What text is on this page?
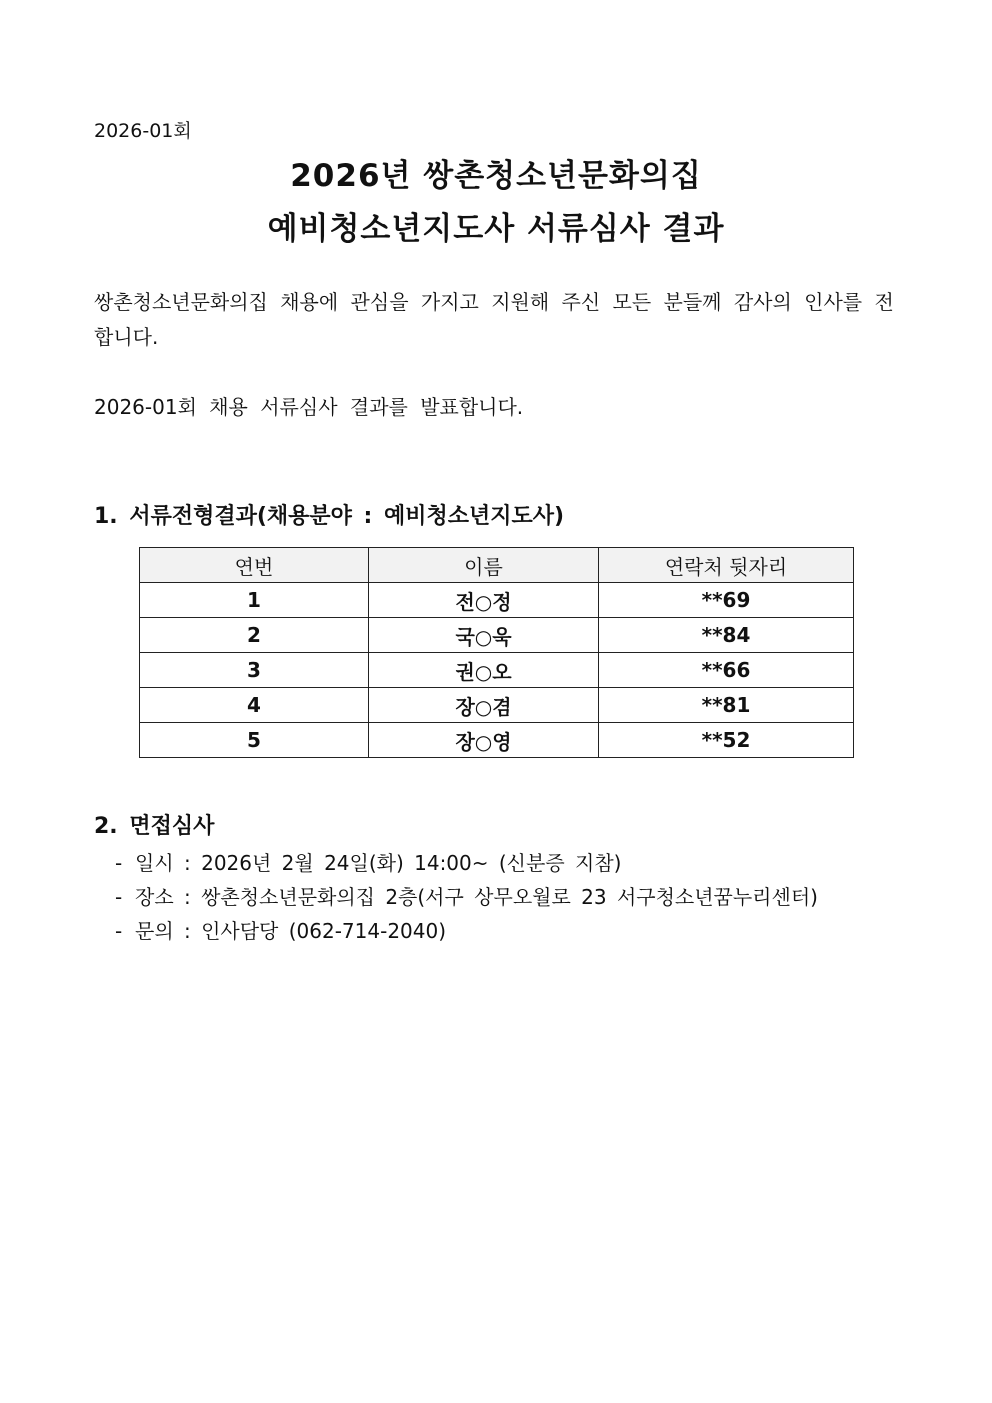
2026-01회
2026년 쌍촌청소년문화의집
예비청소년지도사 서류심사 결과
쌍촌청소년문화의집 채용에 관심을 가지고 지원해 주신 모든 분들께 감사의 인사를 전합니다.
2026-01회 채용 서류심사 결과를 발표합니다.
1. 서류전형결과(채용분야 : 예비청소년지도사)
연번	이름	연락처 뒷자리
1	전○정	**69
2	국○욱	**84
3	권○오	**66
4	장○겸	**81
5	장○영	**52
2. 면접심사
- 일시 : 2026년 2월 24일(화) 14:00~ (신분증 지참)
- 장소 : 쌍촌청소년문화의집 2층(서구 상무오월로 23 서구청소년꿈누리센터)
- 문의 : 인사담당 (062-714-2040)
